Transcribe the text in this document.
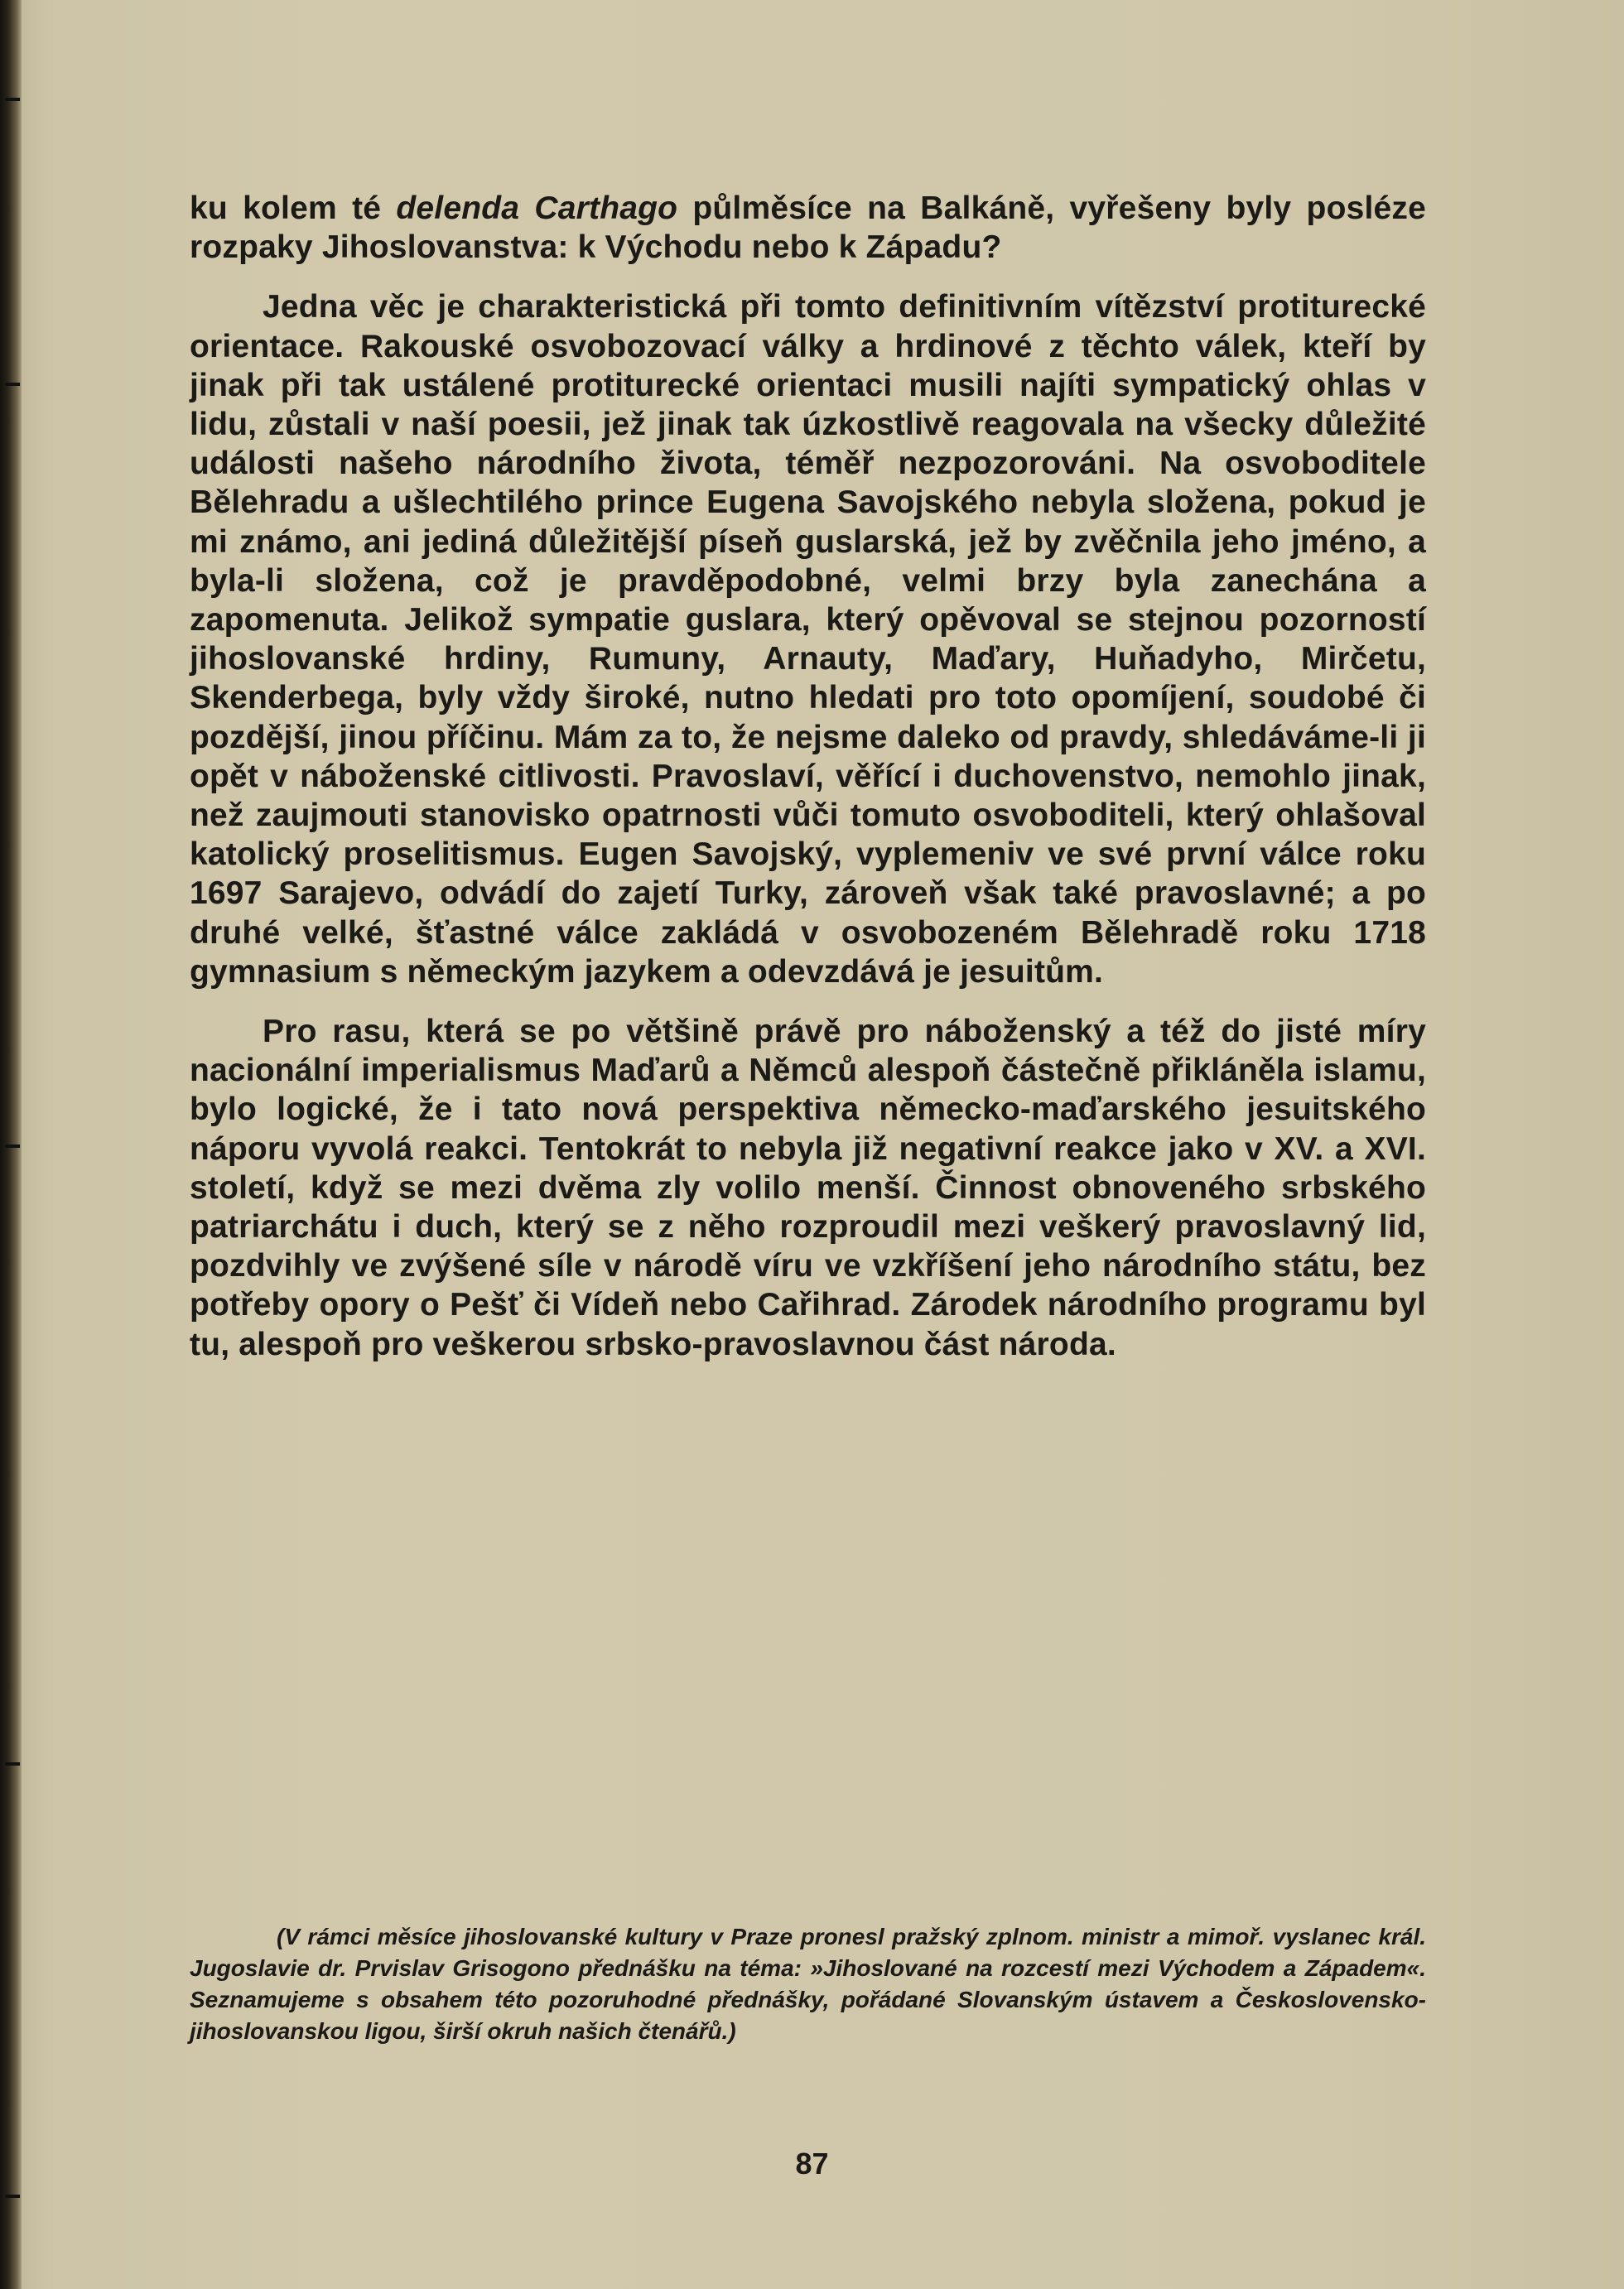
ku kolem té delenda Carthago půlměsíce na Balkáně, vyřešeny byly posléze rozpaky Jihoslovanstva: k Východu nebo k Západu?

Jedna věc je charakteristická při tomto definitivním vítězství protiturecké orientace. Rakouské osvobozovací války a hrdinové z těchto válek, kteří by jinak při tak ustálené protiturecké orientaci musili najíti sympatický ohlas v lidu, zůstali v naší poesii, jež jinak tak úzkostlivě reagovala na všecky důležité události našeho národního života, téměř nezpozorováni. Na osvoboditele Bělehradu a ušlechtilého prince Eugena Savojského nebyla složena, pokud je mi známo, ani jediná důležitější píseň guslarská, jež by zvěčnila jeho jméno, a byla-li složena, což je pravděpodobné, velmi brzy byla zanechána a zapomenuta. Jelikož sympatie guslara, který opěvoval se stejnou pozorností jihoslovanské hrdiny, Rumuny, Arnauty, Maďary, Huňadyho, Mirčetu, Skenderbega, byly vždy široké, nutno hledati pro toto opomíjení, soudobé či pozdější, jinou příčinu. Mám za to, že nejsme daleko od pravdy, shledáváme-li ji opět v náboženské citlivosti. Pravoslaví, věřící i duchovenstvo, nemohlo jinak, než zaujmouti stanovisko opatrnosti vůči tomuto osvoboditeli, který ohlašoval katolický proselitismus. Eugen Savojský, vyplemeniv ve své první válce roku 1697 Sarajevo, odvádí do zajetí Turky, zároveň však také pravoslavné; a po druhé velké, šťastné válce zakládá v osvobozeném Bělehradě roku 1718 gymnasium s německým jazykem a odevzdává je jesuitům.

Pro rasu, která se po většině právě pro náboženský a též do jisté míry nacionální imperialismus Maďarů a Němců alespoň částečně přikláněla islamu, bylo logické, že i tato nová perspektiva německo-maďarského jesuitského náporu vyvolá reakci. Tentokrát to nebyla již negativní reakce jako v XV. a XVI. století, když se mezi dvěma zly volilo menší. Činnost obnoveného srbského patriarchátu i duch, který se z něho rozproudil mezi veškerý pravoslavný lid, pozdvihly ve zvýšené síle v národě víru ve vzkříšení jeho národního státu, bez potřeby opory o Pešť či Vídeň nebo Cařihrad. Zárodek národního programu byl tu, alespoň pro veškerou srbsko-pravoslavnou část národa.

(V rámci měsíce jihoslovanské kultury v Praze pronesl pražský zplnom. ministr a mimoř. vyslanec král. Jugoslavie dr. Prvislav Grisogono přednášku na téma: »Jihoslované na rozcestí mezi Východem a Západem«. Seznamujeme s obsahem této pozoruhodné přednášky, pořádané Slovanským ústavem a Československo-jihoslovanskou ligou, širší okruh našich čtenářů.)
87
